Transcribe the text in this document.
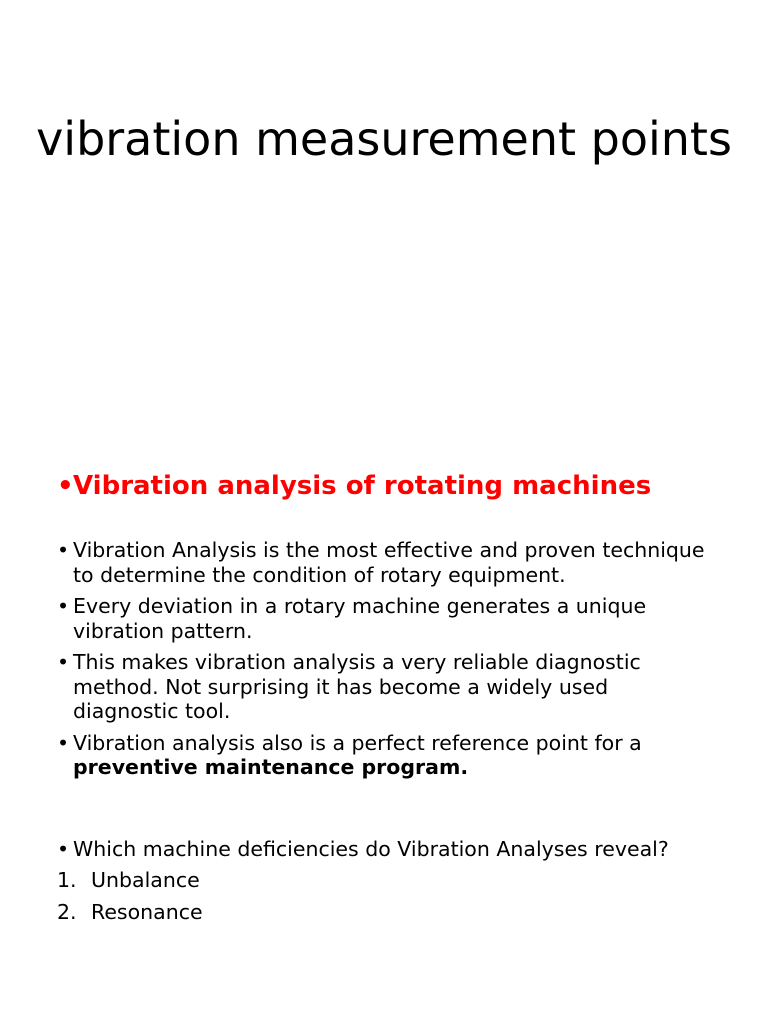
vibration measurement points
• Vibration analysis of rotating machines
• Vibration Analysis is the most effective and proven technique to determine the condition of rotary equipment.
• Every deviation in a rotary machine generates a unique vibration pattern.
• This makes vibration analysis a very reliable diagnostic method. Not surprising it has become a widely used diagnostic tool.
• Vibration analysis also is a perfect reference point for a preventive maintenance program.
• Which machine deficiencies do Vibration Analyses reveal?
1. Unbalance
2. Resonance
